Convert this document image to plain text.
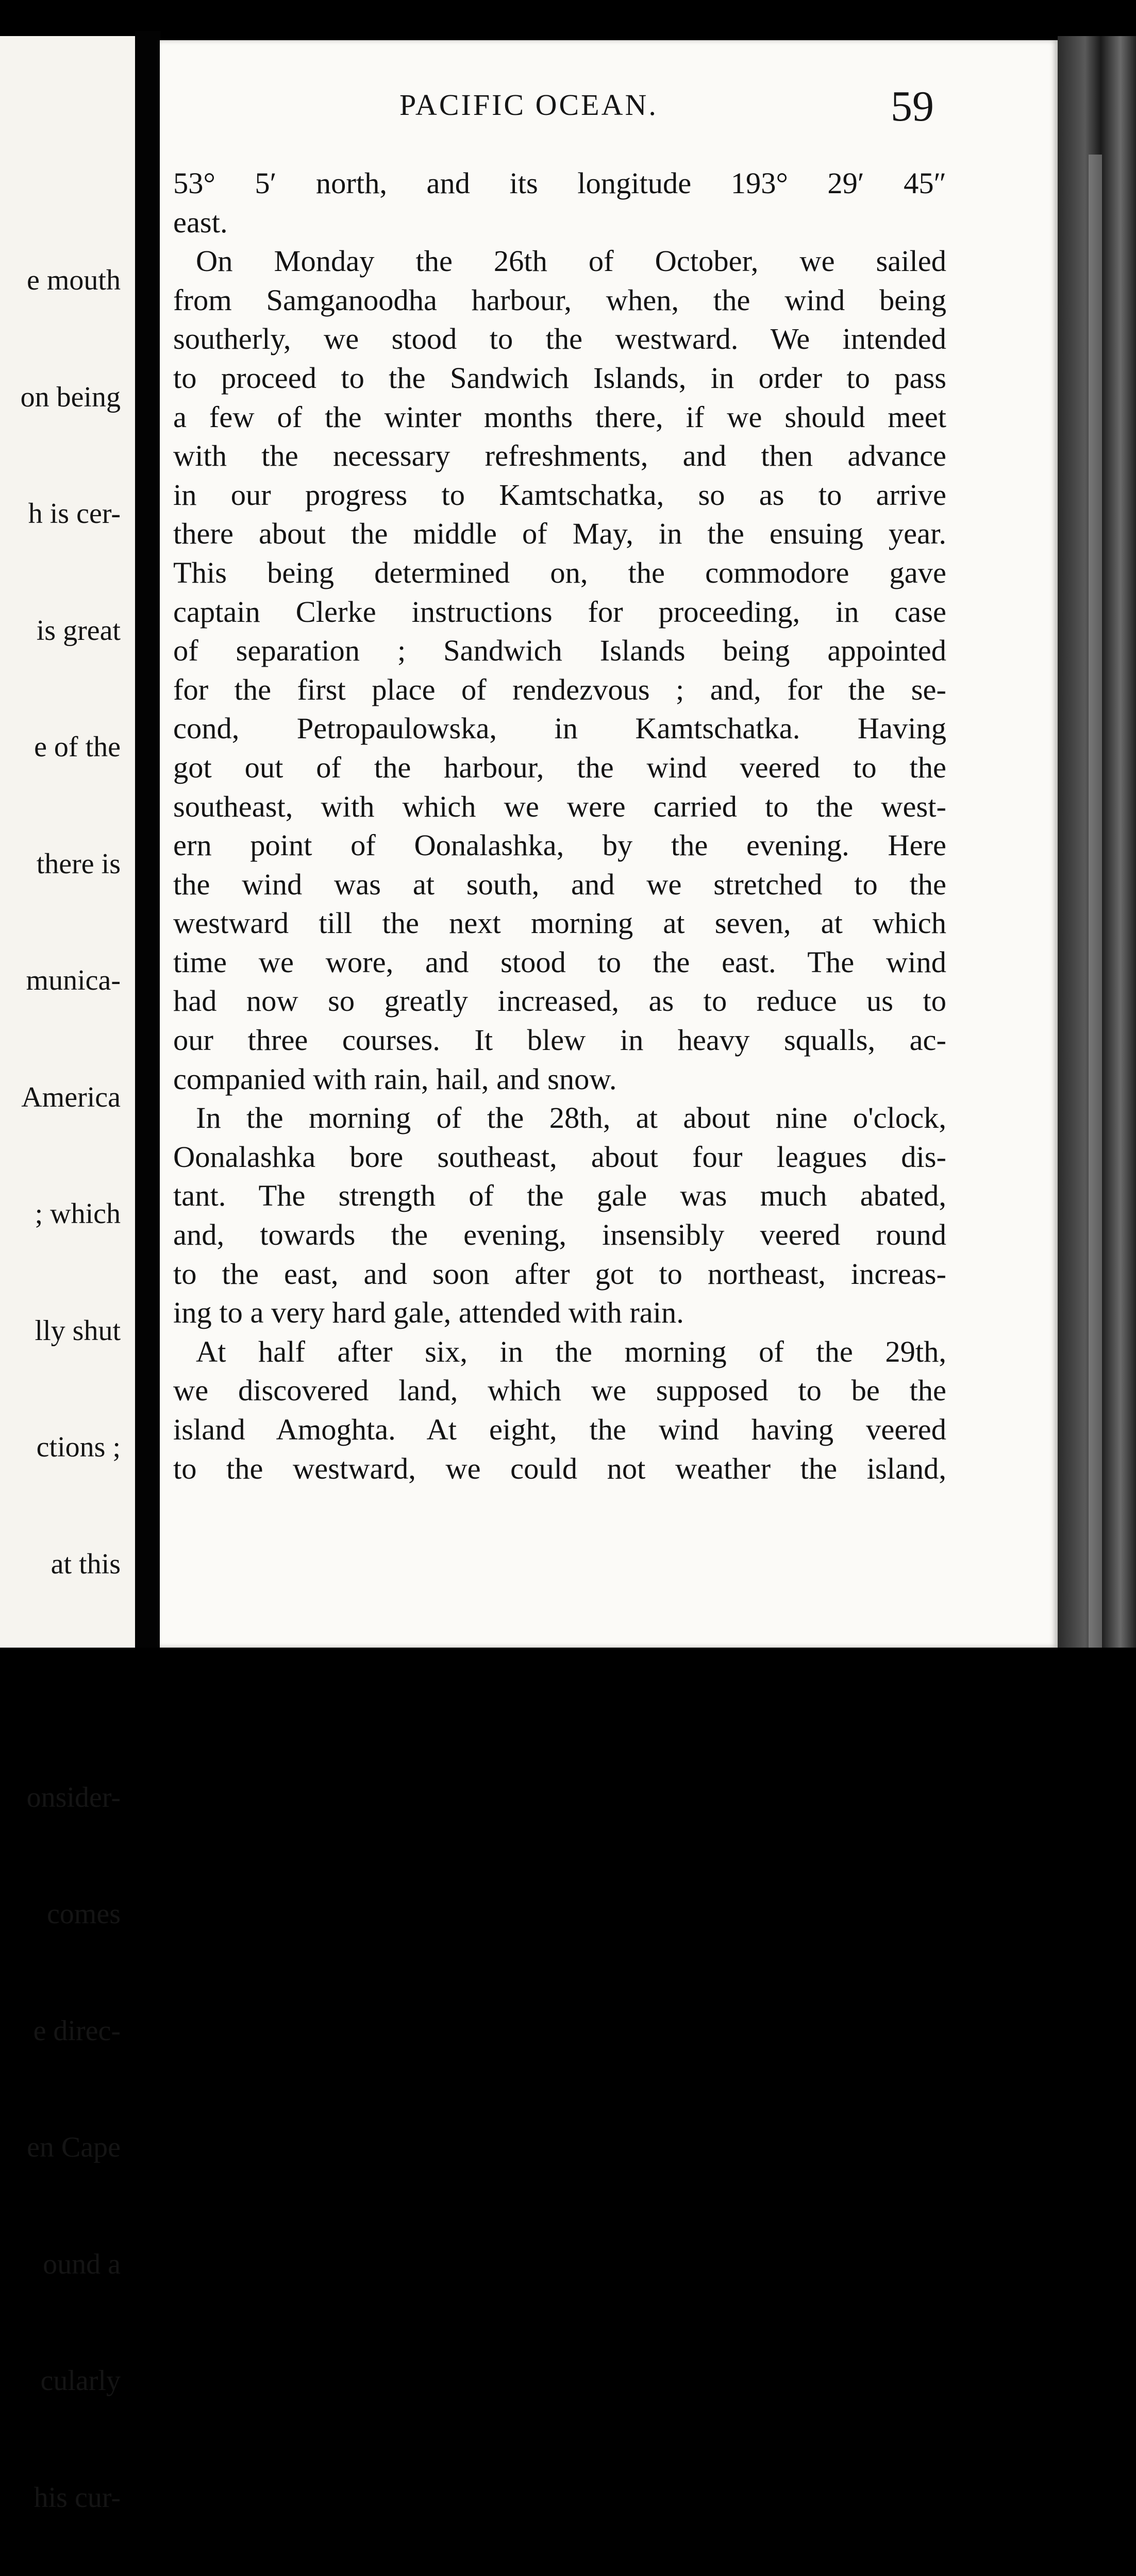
e mouth

on being

h is cer-

is great

e of the

there is

munica-

America

; which

lly shut

ctions ;

at this

onsider-

comes

e direc-

en Cape

ound a

cularly

his cur-

PACIFIC OCEAN.	59
53° 5′ north, and its longitude 193° 29′ 45″
east.
On Monday the 26th of October, we sailed
from Samganoodha harbour, when, the wind being
southerly, we stood to the westward. We intended
to proceed to the Sandwich Islands, in order to pass
a few of the winter months there, if we should meet
with the necessary refreshments, and then advance
in our progress to Kamtschatka, so as to arrive
there about the middle of May, in the ensuing year.
This being determined on, the commodore gave
captain Clerke instructions for proceeding, in case
of separation ; Sandwich Islands being appointed
for the first place of rendezvous ; and, for the se-
cond, Petropaulowska, in Kamtschatka. Having
got out of the harbour, the wind veered to the
southeast, with which we were carried to the west-
ern point of Oonalashka, by the evening. Here
the wind was at south, and we stretched to the
westward till the next morning at seven, at which
time we wore, and stood to the east. The wind
had now so greatly increased, as to reduce us to
our three courses. It blew in heavy squalls, ac-
companied with rain, hail, and snow.
In the morning of the 28th, at about nine o'clock,
Oonalashka bore southeast, about four leagues dis-
tant. The strength of the gale was much abated,
and, towards the evening, insensibly veered round
to the east, and soon after got to northeast, increas-
ing to a very hard gale, attended with rain.
At half after six, in the morning of the 29th,
we discovered land, which we supposed to be the
island Amoghta. At eight, the wind having veered
to the westward, we could not weather the island,
